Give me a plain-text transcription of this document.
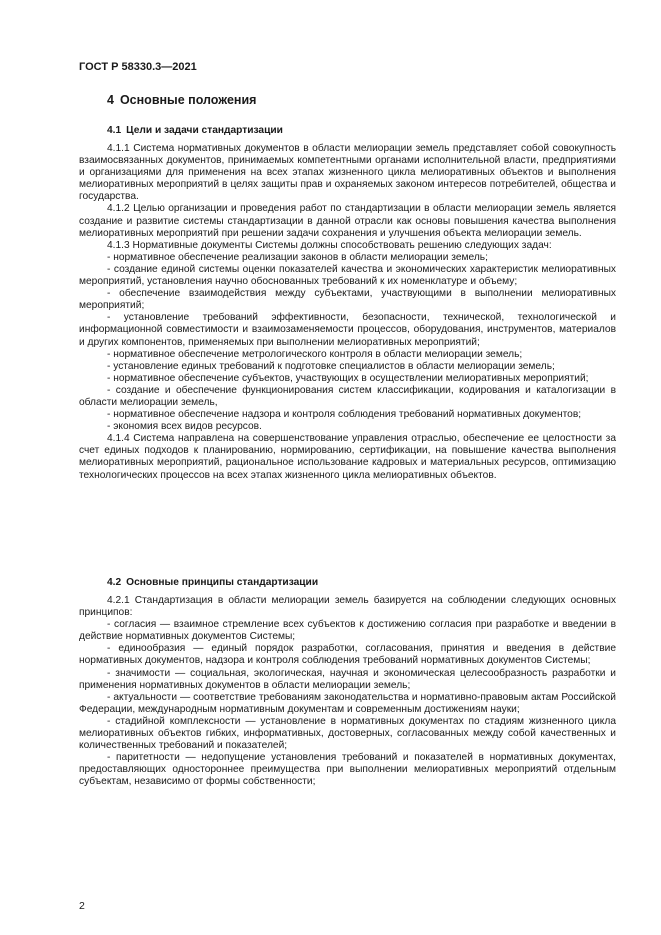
ГОСТ Р 58330.3—2021
4 Основные положения
4.1 Цели и задачи стандартизации

4.1.1 Система нормативных документов в области мелиорации земель представляет собой совокупность взаимосвязанных документов, принимаемых компетентными органами исполнительной власти, предприятиями и организациями для применения на всех этапах жизненного цикла мелиоративных объектов и выполнения мелиоративных мероприятий в целях защиты прав и охраняемых законом интересов потребителей, общества и государства.

4.1.2 Целью организации и проведения работ по стандартизации в области мелиорации земель является создание и развитие системы стандартизации в данной отрасли как основы повышения качества выполнения мелиоративных мероприятий при решении задачи сохранения и улучшения объекта мелиорации земель.

4.1.3 Нормативные документы Системы должны способствовать решению следующих задач:

- нормативное обеспечение реализации законов в области мелиорации земель;

- создание единой системы оценки показателей качества и экономических характеристик мелиоративных мероприятий, установления научно обоснованных требований к их номенклатуре и объему;

- обеспечение взаимодействия между субъектами, участвующими в выполнении мелиоративных мероприятий;

- установление требований эффективности, безопасности, технической, технологической и информационной совместимости и взаимозаменяемости процессов, оборудования, инструментов, материалов и других компонентов, применяемых при выполнении мелиоративных мероприятий;

- нормативное обеспечение метрологического контроля в области мелиорации земель;

- установление единых требований к подготовке специалистов в области мелиорации земель;

- нормативное обеспечение субъектов, участвующих в осуществлении мелиоративных мероприятий;

- создание и обеспечение функционирования систем классификации, кодирования и каталогизации в области мелиорации земель,

- нормативное обеспечение надзора и контроля соблюдения требований нормативных документов;

- экономия всех видов ресурсов.

4.1.4 Система направлена на совершенствование управления отраслью, обеспечение ее целостности за счет единых подходов к планированию, нормированию, сертификации, на повышение качества выполнения мелиоративных мероприятий, рациональное использование кадровых и материальных ресурсов, оптимизацию технологических процессов на всех этапах жизненного цикла мелиоративных объектов.

4.2 Основные принципы стандартизации

4.2.1 Стандартизация в области мелиорации земель базируется на соблюдении следующих основных принципов:

- согласия — взаимное стремление всех субъектов к достижению согласия при разработке и введении в действие нормативных документов Системы;

- единообразия — единый порядок разработки, согласования, принятия и введения в действие нормативных документов, надзора и контроля соблюдения требований нормативных документов Системы;

- значимости — социальная, экологическая, научная и экономическая целесообразность разработки и применения нормативных документов в области мелиорации земель;

- актуальности — соответствие требованиям законодательства и нормативно-правовым актам Российской Федерации, международным нормативным документам и современным достижениям науки;

- стадийной комплексности — установление в нормативных документах по стадиям жизненного цикла мелиоративных объектов гибких, информативных, достоверных, согласованных между собой качественных и количественных требований и показателей;

- паритетности — недопущение установления требований и показателей в нормативных документах, предоставляющих одностороннее преимущества при выполнении мелиоративных мероприятий отдельным субъектам, независимо от формы собственности;

2
